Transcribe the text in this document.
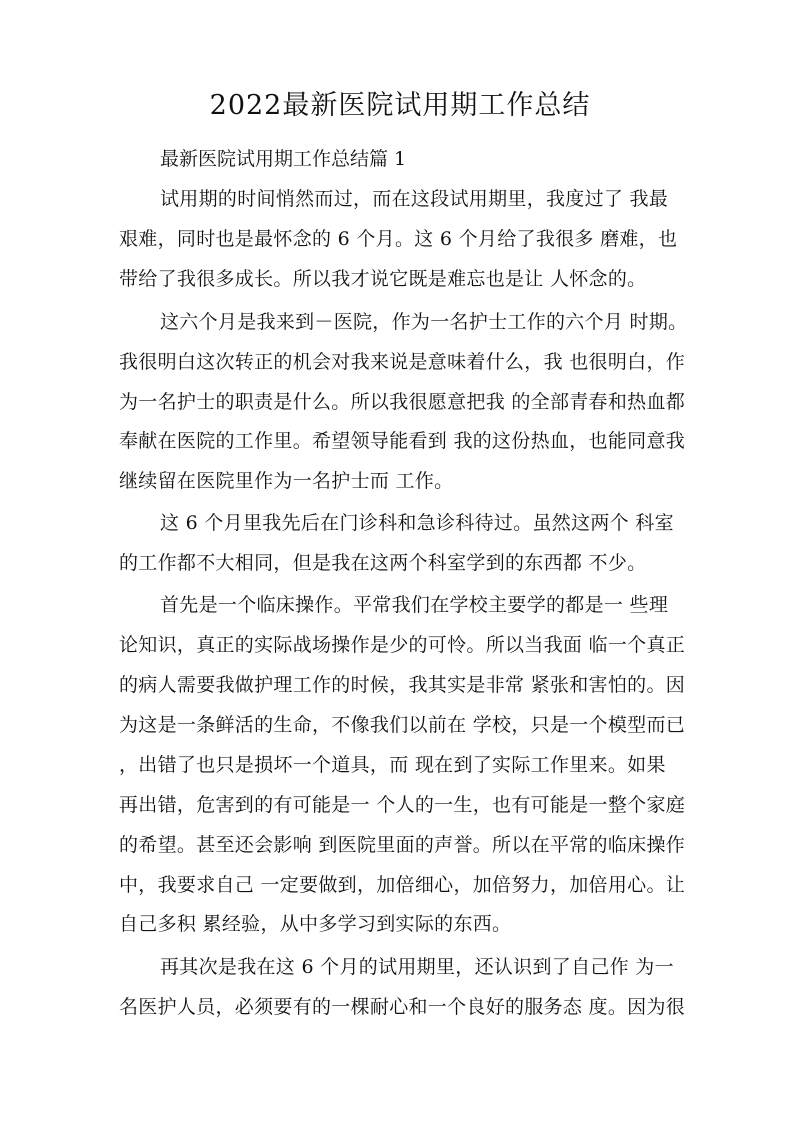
2022最新医院试用期工作总结
最新医院试用期工作总结篇 1
试用期的时间悄然而过，而在这段试用期里，我度过了 我最
艰难，同时也是最怀念的 6 个月。这 6 个月给了我很多 磨难，也
带给了我很多成长。所以我才说它既是难忘也是让 人怀念的。
这六个月是我来到－医院，作为一名护士工作的六个月 时期。
我很明白这次转正的机会对我来说是意味着什么，我 也很明白，作
为一名护士的职责是什么。所以我很愿意把我 的全部青春和热血都
奉献在医院的工作里。希望领导能看到 我的这份热血，也能同意我
继续留在医院里作为一名护士而 工作。
这 6 个月里我先后在门诊科和急诊科待过。虽然这两个 科室
的工作都不大相同，但是我在这两个科室学到的东西都 不少。
首先是一个临床操作。平常我们在学校主要学的都是一 些理
论知识，真正的实际战场操作是少的可怜。所以当我面 临一个真正
的病人需要我做护理工作的时候，我其实是非常 紧张和害怕的。因
为这是一条鲜活的生命，不像我们以前在 学校，只是一个模型而已
，出错了也只是损坏一个道具，而 现在到了实际工作里来。如果
再出错，危害到的有可能是一 个人的一生，也有可能是一整个家庭
的希望。甚至还会影响 到医院里面的声誉。所以在平常的临床操作
中，我要求自己 一定要做到，加倍细心，加倍努力，加倍用心。让
自己多积 累经验，从中多学习到实际的东西。
再其次是我在这 6 个月的试用期里，还认识到了自己作 为一
名医护人员，必须要有的一棵耐心和一个良好的服务态 度。因为很
